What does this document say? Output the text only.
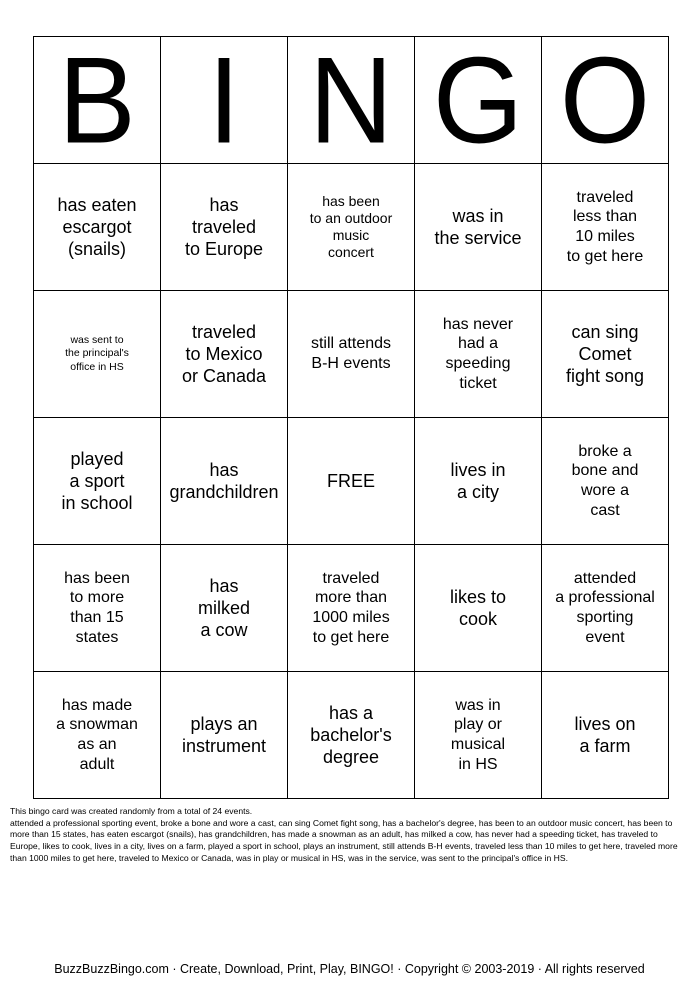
B	I	N	G	O

has eaten
escargot
(snails)	has
traveled
to Europe	has been
to an outdoor
music
concert	was in
the service	traveled
less than
10 miles
to get here

was sent to
the principal's
office in HS	traveled
to Mexico
or Canada	still attends
B-H events	has never
had a
speeding
ticket	can sing
Comet
fight song

played
a sport
in school	has
grandchildren	FREE	lives in
a city	broke a
bone and
wore a
cast

has been
to more
than 15
states	has
milked
a cow	traveled
more than
1000 miles
to get here	likes to
cook	attended
a professional
sporting
event

has made
a snowman
as an
adult	plays an
instrument	has a
bachelor's
degree	was in
play or
musical
in HS	lives on
a farm

This bingo card was created randomly from a total of 24 events.

attended a professional sporting event, broke a bone and wore a cast, can sing Comet fight song, has a bachelor's degree, has been to an outdoor music concert, has been to more than 15 states, has eaten escargot (snails), has grandchildren, has made a snowman as an adult, has milked a cow, has never had a speeding ticket, has traveled to Europe, likes to cook, lives in a city, lives on a farm, played a sport in school, plays an instrument, still attends B-H events, traveled less than 10 miles to get here, traveled more than 1000 miles to get here, traveled to Mexico or Canada, was in play or musical in HS, was in the service, was sent to the principal's office in HS.

BuzzBuzzBingo.com · Create, Download, Print, Play, BINGO! · Copyright © 2003-2019 · All rights reserved
